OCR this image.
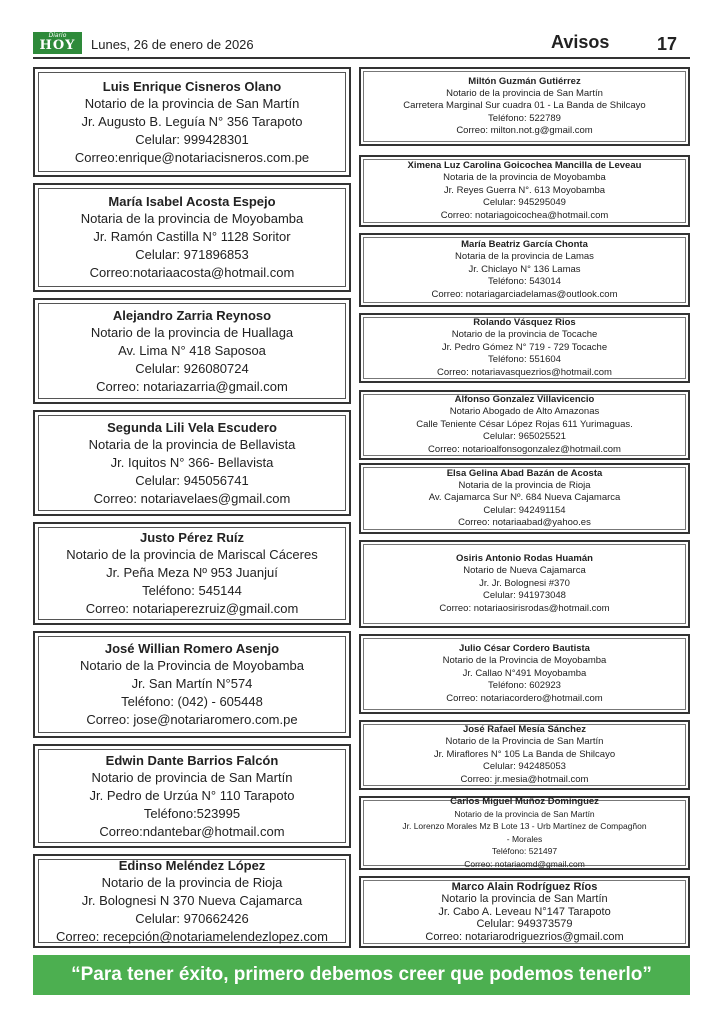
Diario
HOY	Lunes, 26 de enero de 2026	Avisos	17
Luis Enrique Cisneros Olano
Notario de la provincia de San Martín
Jr. Augusto B. Leguía N° 356 Tarapoto
Celular: 999428301
Correo:enrique@notariacisneros.com.pe
María Isabel Acosta Espejo
Notaria de la provincia de Moyobamba
Jr. Ramón Castilla N° 1128 Soritor
Celular: 971896853
Correo:notariaacosta@hotmail.com
Alejandro Zarria Reynoso
Notario de la provincia de Huallaga
Av. Lima N° 418 Saposoa
Celular: 926080724
Correo: notariazarria@gmail.com
Segunda Lili Vela Escudero
Notaria de la provincia de Bellavista
Jr. Iquitos N° 366- Bellavista
Celular: 945056741
Correo: notariavelaes@gmail.com
Justo Pérez Ruíz
Notario de la provincia de Mariscal Cáceres
Jr. Peña Meza Nº 953 Juanjuí
Teléfono: 545144
Correo: notariaperezruiz@gmail.com
José Willian Romero Asenjo
Notario de la Provincia de Moyobamba
Jr. San Martín N°574
Teléfono: (042) - 605448
Correo: jose@notariaromero.com.pe
Edwin Dante Barrios Falcón
Notario de provincia de San Martín
Jr. Pedro de Urzúa N° 110 Tarapoto
Teléfono:523995
Correo:ndantebar@hotmail.com
Edinso Meléndez López
Notario de la provincia de Rioja
Jr. Bolognesi N 370 Nueva Cajamarca
Celular: 970662426
Correo: recepción@notariamelendezlopez.com
Miltón Guzmán Gutiérrez
Notario de la provincia de San Martín
Carretera Marginal Sur cuadra 01 - La Banda de Shilcayo
Teléfono: 522789
Correo: milton.not.g@gmail.com
Ximena Luz Carolina Goicochea Mancilla de Leveau
Notaria de la provincia de Moyobamba
Jr. Reyes Guerra N°. 613 Moyobamba
Celular: 945295049
Correo: notariagoicochea@hotmail.com
María Beatriz García Chonta
Notaria de la provincia de Lamas
Jr. Chiclayo N° 136 Lamas
Teléfono: 543014
Correo: notariagarciadelamas@outlook.com
Rolando Vásquez Rios
Notario de la provincia de Tocache
Jr. Pedro Gómez N° 719 - 729 Tocache
Teléfono: 551604
Correo: notariavasquezrios@hotmail.com
Alfonso Gonzalez Villavicencio
Notario Abogado de Alto Amazonas
Calle Teniente César López Rojas 611 Yurimaguas.
Celular: 965025521
Correo: notarioalfonsogonzalez@hotmail.com
Elsa Gelina Abad Bazán de Acosta
Notaria de la provincia de Rioja
Av. Cajamarca Sur Nº. 684 Nueva Cajamarca
Celular: 942491154
Correo: notariaabad@yahoo.es
Osiris Antonio Rodas Huamán
Notario de Nueva Cajamarca
Jr. Jr. Bolognesi #370
Celular: 941973048
Correo: notariaosirisrodas@hotmail.com
Julio César Cordero Bautista
Notario de la Provincia de Moyobamba
Jr. Callao N°491 Moyobamba
Teléfono: 602923
Correo: notariacordero@hotmail.com
José Rafael Mesía Sánchez
Notario de la Provincia de San Martín
Jr. Miraflores N° 105 La Banda de Shilcayo
Celular: 942485053
Correo: jr.mesia@hotmail.com
Carlos Miguel Muñoz Domínguez
Notario de la provincia de San Martín
Jr. Lorenzo Morales Mz B Lote 13 - Urb Martínez de Compagñon
- Morales
Teléfono: 521497
Correo: notariaomd@gmail.com
Marco Alain Rodríguez Ríos
Notario la provincia de San Martín
Jr. Cabo A. Leveau N°147 Tarapoto
Celular: 949373579
Correo: notariarodriguezrios@gmail.com
“Para tener éxito, primero debemos creer que podemos tenerlo”
